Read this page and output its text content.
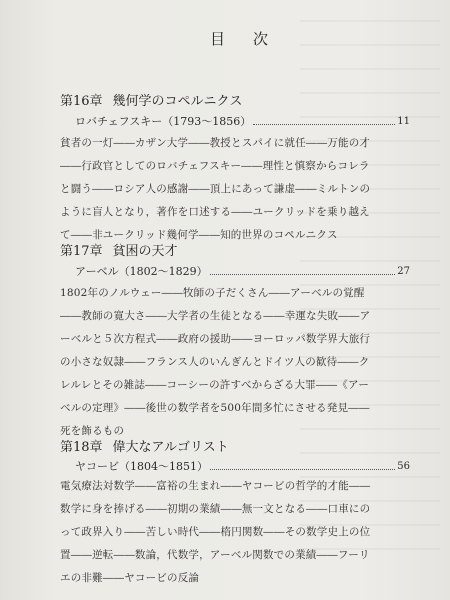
目次
第16章 幾何学のコペルニクス
ロバチェフスキー（1793～1856）	11
貧者の一灯――カザン大学――教授とスパイに就任――万能の才
――行政官としてのロバチェフスキー――理性と慎察からコレラ
と闘う――ロシア人の感謝――頂上にあって謙虚――ミルトンの
ように盲人となり，著作を口述する――ユークリッドを乗り越え
て――非ユークリッド幾何学――知的世界のコペルニクス
第17章 貧困の天才
アーベル（1802～1829）	27
1802年のノルウェー――牧師の子だくさん――アーベルの覚醒
――教師の寛大さ――大学者の生徒となる――幸運な失敗――ア
ーベルと５次方程式――政府の援助――ヨーロッパ数学界大旅行
の小さな奴隷――フランス人のいんぎんとドイツ人の歓待――ク
レルレとその雑誌――コーシーの許すべからざる大罪――《アー
ベルの定理》――後世の数学者を500年間多忙にさせる発見――
死を飾るもの
第18章 偉大なアルゴリスト
ヤコービ（1804～1851）	56
電気療法対数学――富裕の生まれ――ヤコービの哲学的才能――
数学に身を捧げる――初期の業績――無一文となる――口車にの
って政界入り――苦しい時代――楕円関数――その数学史上の位
置――逆転――数論，代数学，アーベル関数での業績――フーリ
エの非難――ヤコービの反論
